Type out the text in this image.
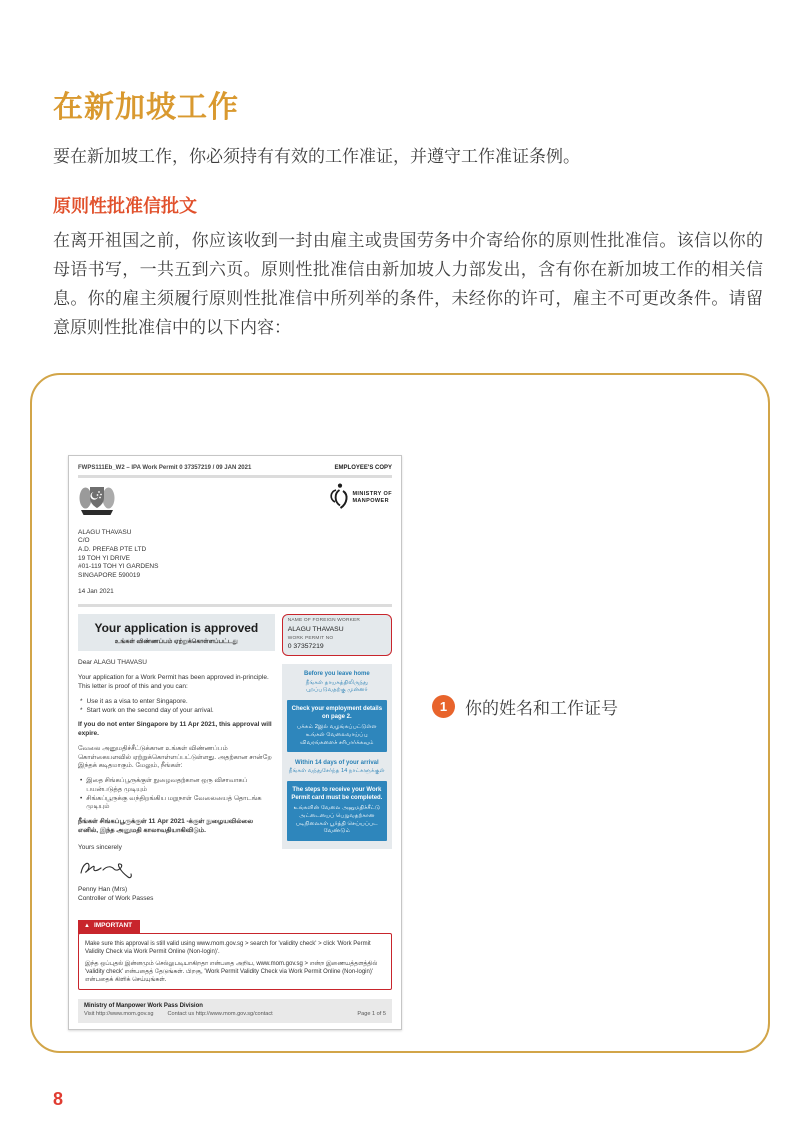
在新加坡工作

要在新加坡工作，你必须持有有效的工作准证，并遵守工作准证条例。

原则性批准信批文

在离开祖国之前，你应该收到一封由雇主或贵国劳务中介寄给你的原则性批准信。该信以你的母语书写，一共五到六页。原则性批准信由新加坡人力部发出，含有你在新加坡工作的相关信息。你的雇主须履行原则性批准信中所列举的条件，未经你的许可，雇主不可更改条件。请留意原则性批准信中的以下内容：

FWPS111Eb_W2 – IPA Work Permit 0 37357219 / 09 JAN 2021	EMPLOYEE'S COPY
MINISTRY OF
MANPOWER
ALAGU THAVASU
C/O
A.D. PREFAB PTE LTD
19 TOH YI DRIVE
#01-119 TOH YI GARDENS
SINGAPORE 590019
14 Jan 2021
Your application is approved
உங்கள் விண்ணப்பம் ஏற்றுக்கொள்ளப்பட்டது

Dear ALAGU THAVASU

Your application for a Work Permit has been approved in-principle. This letter is proof of this and you can:

* Use it as a visa to enter Singapore.
* Start work on the second day of your arrival.

If you do not enter Singapore by 11 Apr 2021, this approval will expire.

வேலை அனுமதிச்சீட்டுக்கான உங்கள் விண்ணப்பம் கொள்கையளவில் ஏற்றுக்கொள்ளப்பட்டுள்ளது. அதற்கான சான்றே இந்தக் கடிதமாகும். மேலும், நீங்கள்:

• இதை சிங்கப்பூருக்குள் நுழைவதற்கான ஒரு விசாவாகப் பயன்படுத்த முடியும்
• சிங்கப்பூருக்கு வந்திறங்கிய மறுநாள் வேலையைத் தொடங்க முடியும்

நீங்கள் சிங்கப்பூருக்குள் 11 Apr 2021 -க்குள் நுழையவில்லை எனில், இந்த அனுமதி காலாவதியாகிவிடும்.

Yours sincerely

Penny Han (Mrs)

Controller of Work Passes

NAME OF FOREIGN WORKER
ALAGU THAVASU
WORK PERMIT NO
0 37357219
Before you leave home
நீங்கள் தாயகத்திலிருந்து புறப்படுவதற்கு முன்னர்
Check your employment details on page 2.
பக்கம் 2இல் வழங்கப்பட்டுள்ள உங்கள் வேலைவாய்ப்பு விவரங்களைச் சரிபார்க்கவும்
Within 14 days of your arrival
நீங்கள் வந்துசேர்ந்த 14 நாட்களுக்குள்
The steps to receive your Work Permit card must be completed.
உங்களின் வேலை அனுமதிச்சீட்டு அட்டையைப் பெறுவதற்கான படிநிலைகள் பூர்த்தி செய்யப்பட வேண்டும்
▲ IMPORTANT

Make sure this approval is still valid using www.mom.gov.sg > search for 'validity check' > click 'Work Permit Validity Check via Work Permit Online (Non-login)'.

இந்த ஒப்புதல் இன்னமும் செல்லுபடியாகிறதா என்பதை அறிய, www.mom.gov.sg > என்ற இணையத்தளத்தில் 'validity check' என்பதைத் தேடுங்கள். பிறகு, 'Work Permit Validity Check via Work Permit Online (Non-login)' என்பதைக் கிளிக் செய்யுங்கள்.

Ministry of Manpower Work Pass Division
Visit http://www.mom.gov.sg	Contact us http://www.mom.gov.sg/contact	Page 1 of 5
1	你的姓名和工作证号
8
